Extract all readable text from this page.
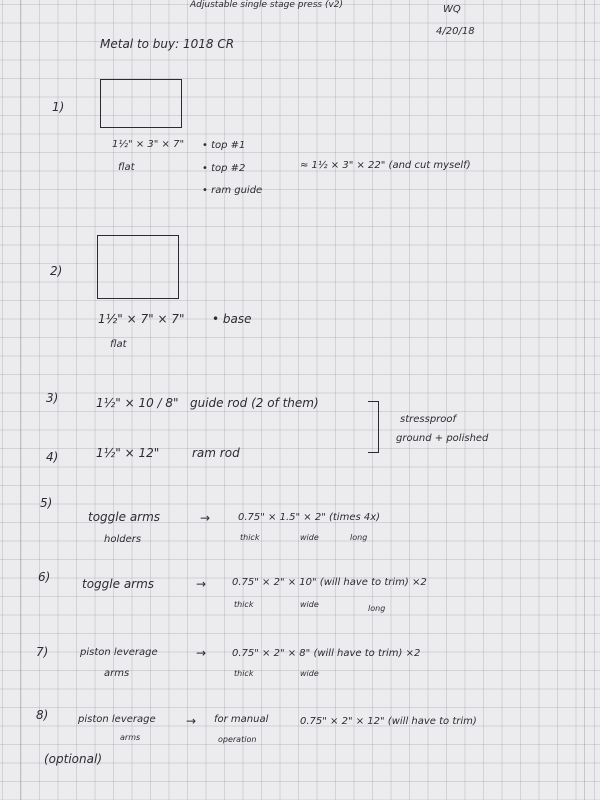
Adjustable single stage press (v2)	WQ
4/20/18
Metal to buy: 1018 CR
1)
1½" × 3" × 7"
flat
• top #1
• top #2
• ram guide
≈ 1½ × 3" × 22" (and cut myself)
2)
1½" × 7" × 7" • base
flat
3)	1½" × 10 / 8" guide rod (2 of them)
4)	1½" × 12"	ram rod
stressproof
ground + polished
5)
toggle arms
holders
→	0.75" × 1.5" × 2" (times 4x)
thick	wide	long
6)	toggle arms	→	0.75" × 2" × 10" (will have to trim) ×2
thick	wide	long
7)	piston leverage
arms
→	0.75" × 2" × 8" (will have to trim) ×2
thick	wide
8)	piston leverage
arms
→ for manual
operation
0.75" × 2" × 12" (will have to trim)
(optional)
